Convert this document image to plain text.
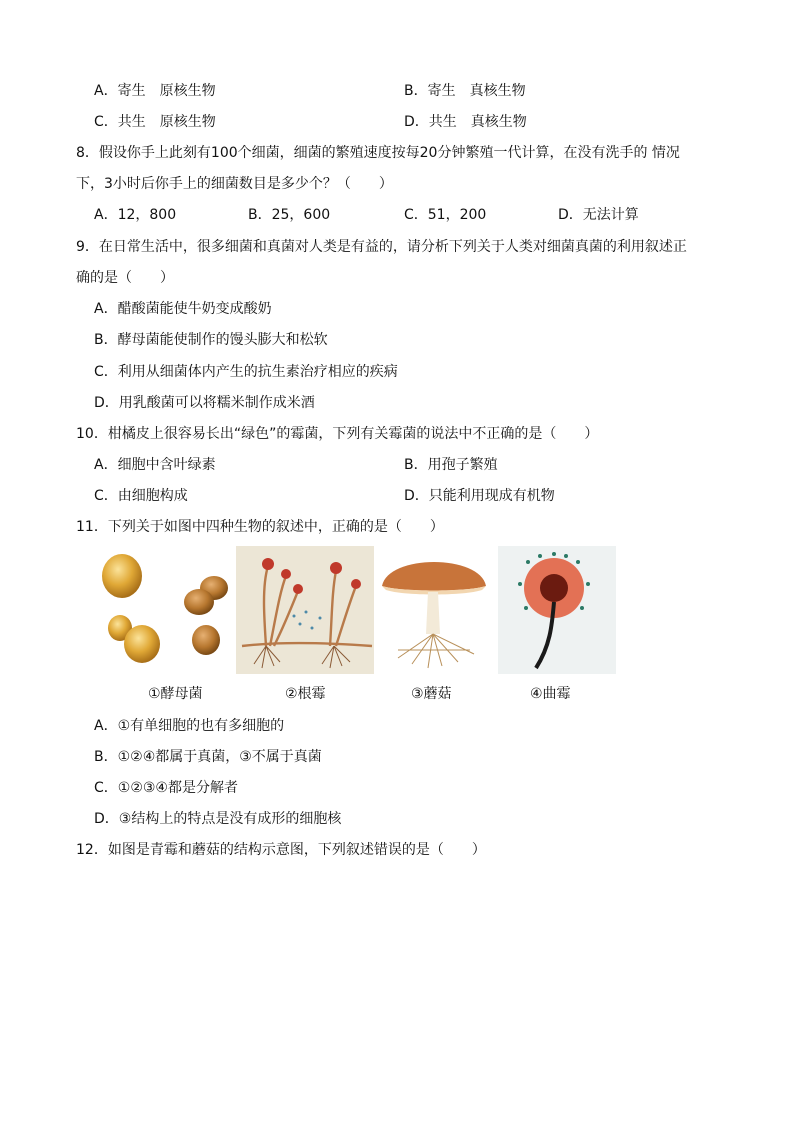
A．寄生　原核生物	B．寄生　真核生物
C．共生　原核生物	D．共生　真核生物
8．假设你手上此刻有100个细菌，细菌的繁殖速度按每20分钟繁殖一代计算，在没有洗手的 情况
下，3小时后你手上的细菌数目是多少个？（　　）
A．12，800	B．25，600	C．51，200	D．无法计算
9．在日常生活中，很多细菌和真菌对人类是有益的，请分析下列关于人类对细菌真菌的利用叙述正
确的是（　　）
A．醋酸菌能使牛奶变成酸奶
B．酵母菌能使制作的馒头膨大和松软
C．利用从细菌体内产生的抗生素治疗相应的疾病
D．用乳酸菌可以将糯米制作成米酒
10．柑橘皮上很容易长出“绿色”的霉菌，下列有关霉菌的说法中不正确的是（　　）
A．细胞中含叶绿素	B．用孢子繁殖
C．由细胞构成	D．只能利用现成有机物
11．下列关于如图中四种生物的叙述中，正确的是（　　）
①酵母菌	②根霉	③蘑菇	④曲霉
A．①有单细胞的也有多细胞的
B．①②④都属于真菌，③不属于真菌
C．①②③④都是分解者
D．③结构上的特点是没有成形的细胞核
12．如图是青霉和蘑菇的结构示意图，下列叙述错误的是（　　）
